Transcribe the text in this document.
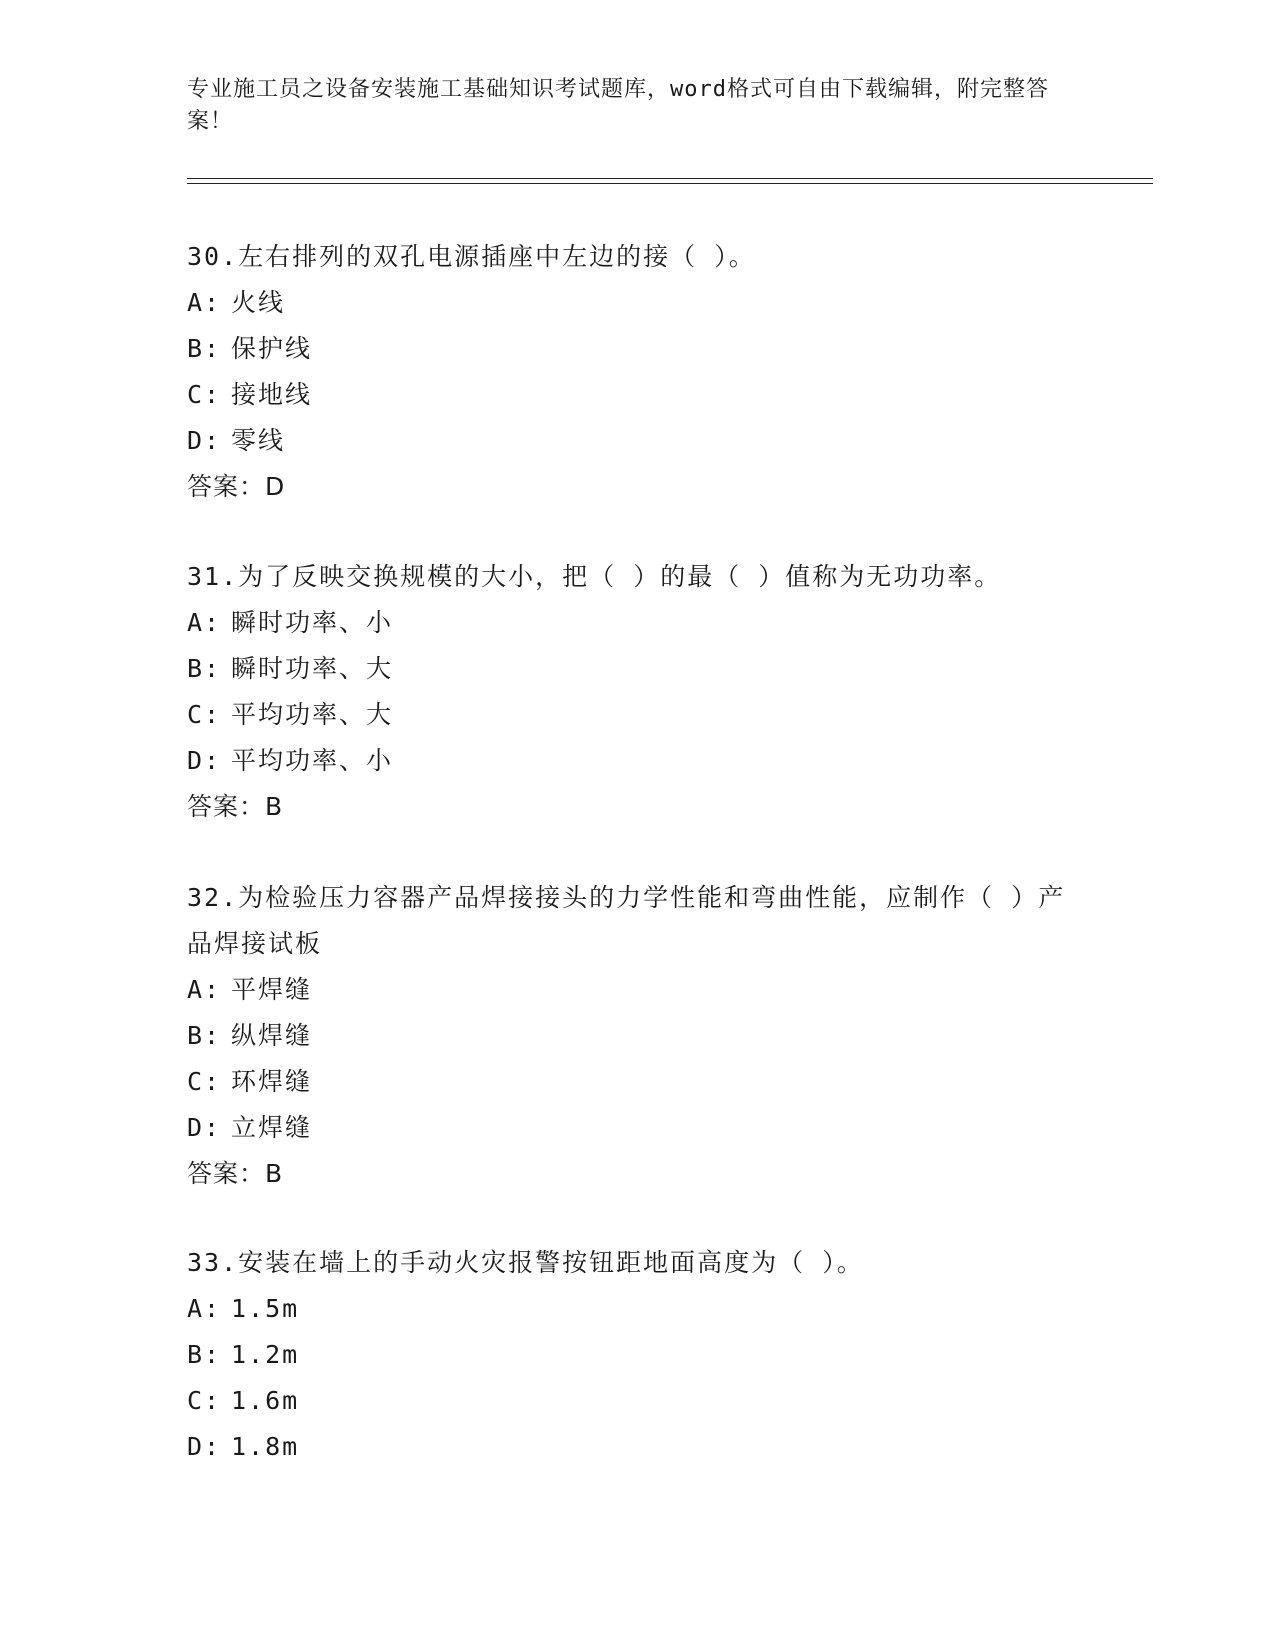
专业施工员之设备安装施工基础知识考试题库，word格式可自由下载编辑，附完整答案！
30.左右排列的双孔电源插座中左边的接（ ）。
A: 火线
B: 保护线
C: 接地线
D: 零线
答案：D
31.为了反映交换规模的大小，把（ ）的最（ ）值称为无功功率。
A: 瞬时功率、小
B: 瞬时功率、大
C: 平均功率、大
D: 平均功率、小
答案：B
32.为检验压力容器产品焊接接头的力学性能和弯曲性能，应制作（ ）产品焊接试板
A: 平焊缝
B: 纵焊缝
C: 环焊缝
D: 立焊缝
答案：B
33.安装在墙上的手动火灾报警按钮距地面高度为（ ）。
A: 1.5m
B: 1.2m
C: 1.6m
D: 1.8m
